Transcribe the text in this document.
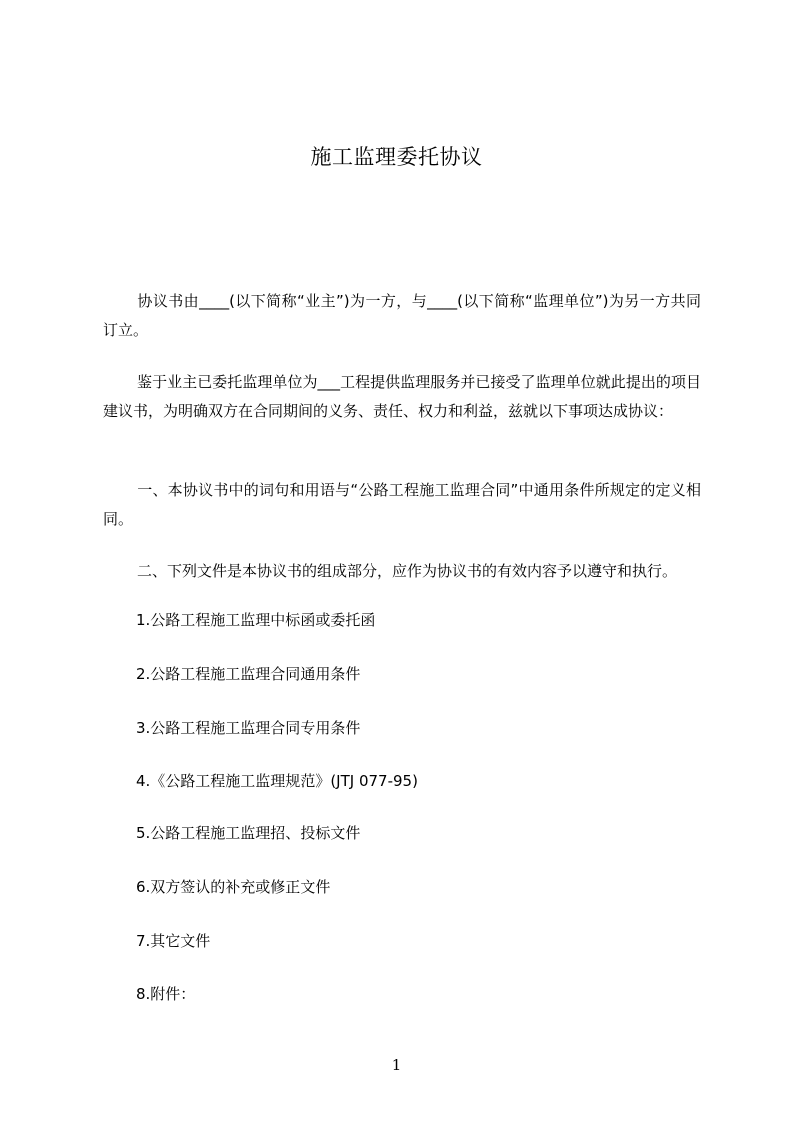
施工监理委托协议

协议书由____(以下简称“业主”)为一方，与____(以下简称“监理单位”)为另一方共同订立。

鉴于业主已委托监理单位为___工程提供监理服务并已接受了监理单位就此提出的项目建议书，为明确双方在合同期间的义务、责任、权力和利益，兹就以下事项达成协议：

一、本协议书中的词句和用语与“公路工程施工监理合同”中通用条件所规定的定义相同。

二、下列文件是本协议书的组成部分，应作为协议书的有效内容予以遵守和执行。

1.公路工程施工监理中标函或委托函

2.公路工程施工监理合同通用条件

3.公路工程施工监理合同专用条件

4.《公路工程施工监理规范》(JTJ 077-95)

5.公路工程施工监理招、投标文件

6.双方签认的补充或修正文件

7.其它文件

8.附件：

1
